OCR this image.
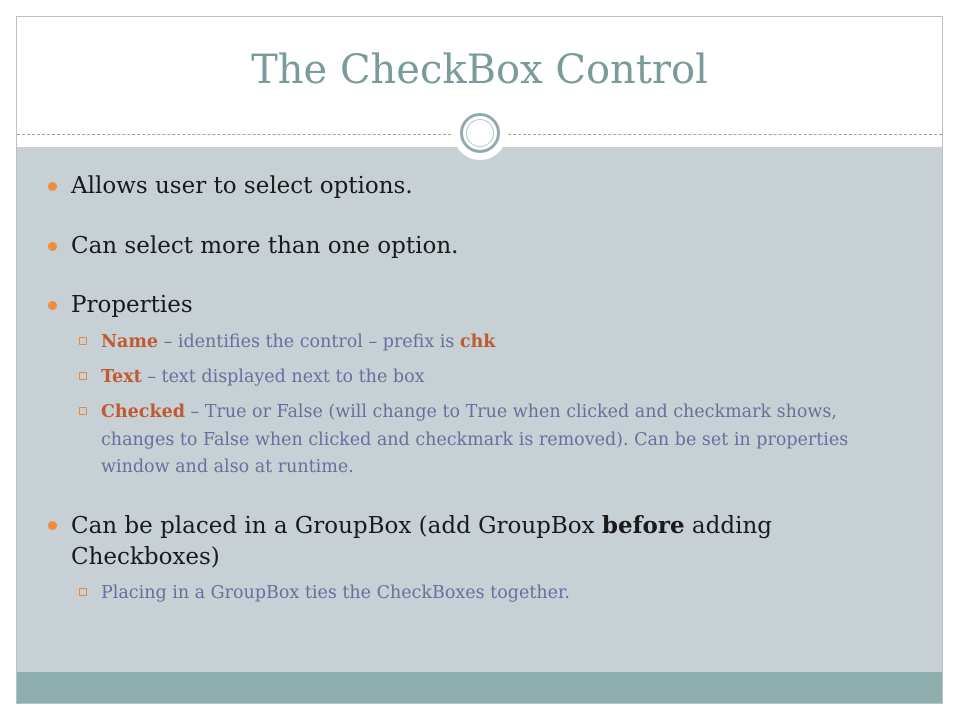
The CheckBox Control
Allows user to select options.
Can select more than one option.
Properties
Name – identifies the control – prefix is chk
Text – text displayed next to the box
Checked – True or False (will change to True when clicked and checkmark shows, changes to False when clicked and checkmark is removed). Can be set in properties window and also at runtime.
Can be placed in a GroupBox (add GroupBox before adding Checkboxes)
Placing in a GroupBox ties the CheckBoxes together.
